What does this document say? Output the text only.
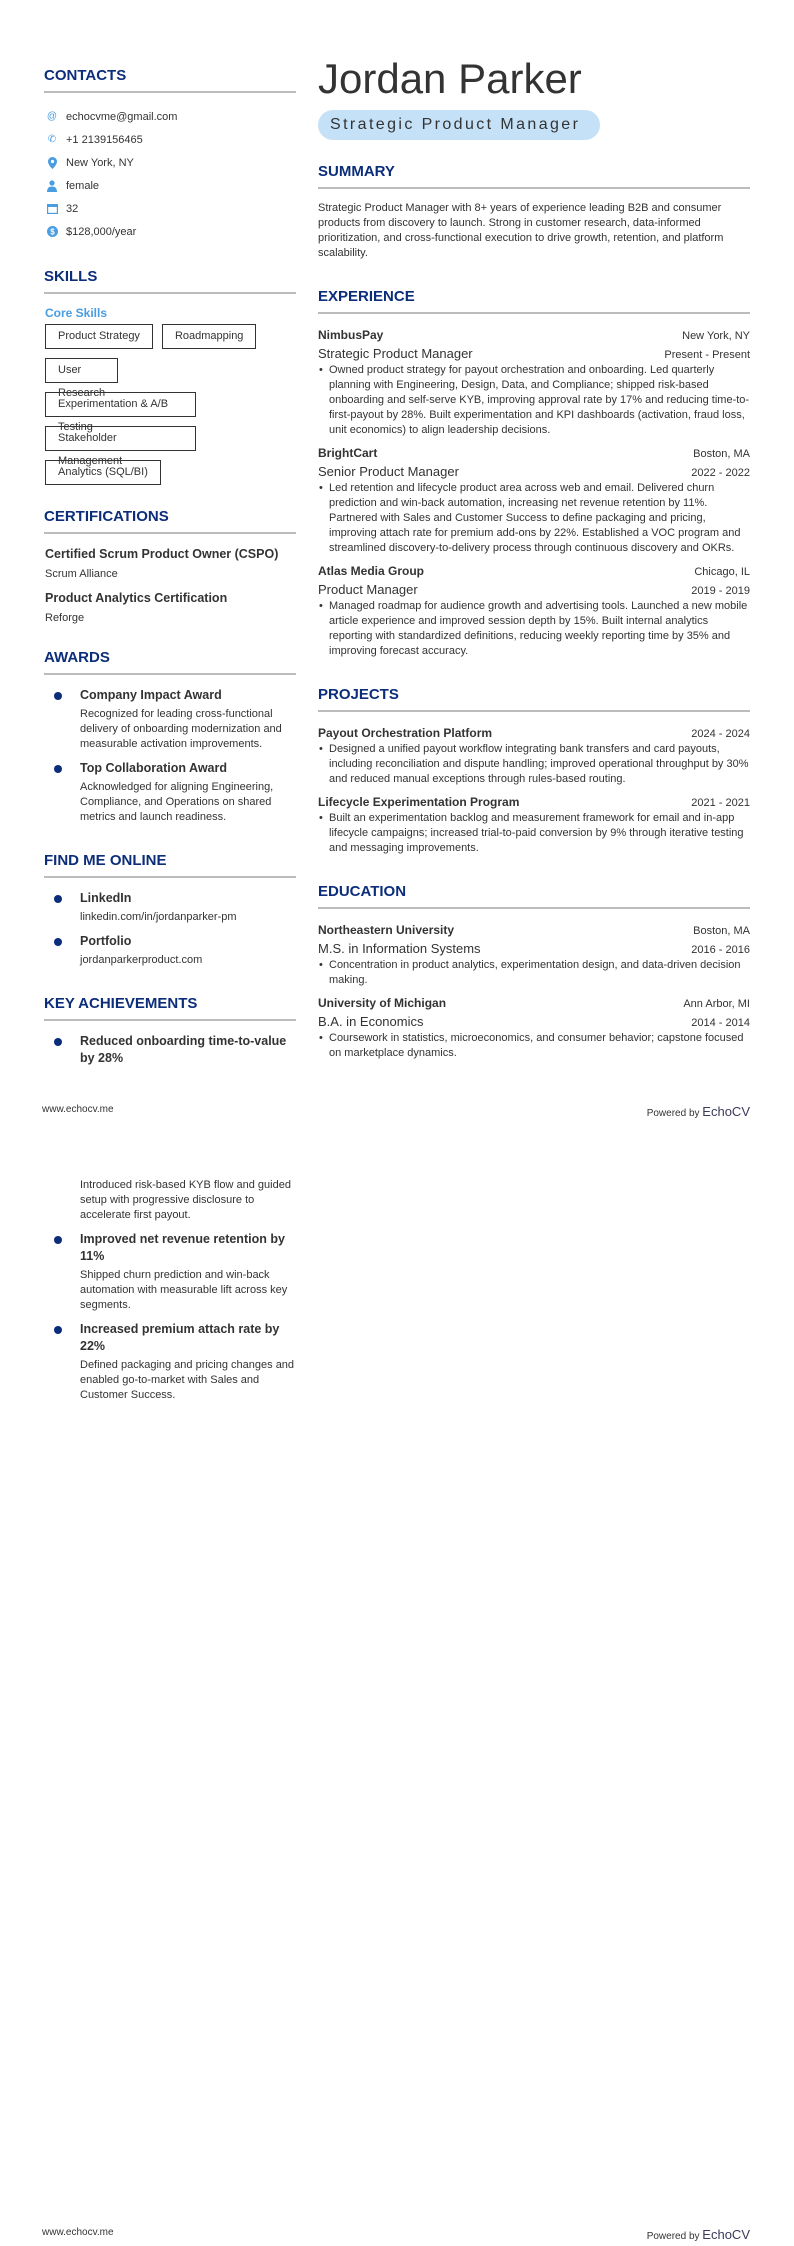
CONTACTS
@ echocvme@gmail.com
✆ +1 2139156465
New York, NY
female
32
$ $128,000/year
SKILLS
Core Skills
Product Strategy	Roadmapping
User Research
Experimentation & A/B Testing
Stakeholder Management
Analytics (SQL/BI)
CERTIFICATIONS
Certified Scrum Product Owner (CSPO)
Scrum Alliance
Product Analytics Certification
Reforge
AWARDS
Company Impact Award
Recognized for leading cross-functional delivery of onboarding modernization and measurable activation improvements.
Top Collaboration Award
Acknowledged for aligning Engineering, Compliance, and Operations on shared metrics and launch readiness.
FIND ME ONLINE
LinkedIn
linkedin.com/in/jordanparker-pm
Portfolio
jordanparkerproduct.com
KEY ACHIEVEMENTS
Reduced onboarding time-to-value by 28%
Jordan Parker
Strategic Product Manager
SUMMARY

Strategic Product Manager with 8+ years of experience leading B2B and consumer products from discovery to launch. Strong in customer research, data-informed prioritization, and cross-functional execution to drive growth, retention, and platform scalability.

EXPERIENCE
NimbusPay	New York, NY
Strategic Product Manager	Present - Present
• Owned product strategy for payout orchestration and onboarding. Led quarterly planning with Engineering, Design, Data, and Compliance; shipped risk-based onboarding and self-serve KYB, improving approval rate by 17% and reducing time-to-first-payout by 28%. Built experimentation and KPI dashboards (activation, fraud loss, unit economics) to align leadership decisions.
BrightCart	Boston, MA
Senior Product Manager	2022 - 2022
• Led retention and lifecycle product area across web and email. Delivered churn prediction and win-back automation, increasing net revenue retention by 11%. Partnered with Sales and Customer Success to define packaging and pricing, improving attach rate for premium add-ons by 22%. Established a VOC program and streamlined discovery-to-delivery process through continuous discovery and OKRs.
Atlas Media Group	Chicago, IL
Product Manager	2019 - 2019
• Managed roadmap for audience growth and advertising tools. Launched a new mobile article experience and improved session depth by 15%. Built internal analytics reporting with standardized definitions, reducing weekly reporting time by 35% and improving forecast accuracy.
PROJECTS
Payout Orchestration Platform	2024 - 2024
• Designed a unified payout workflow integrating bank transfers and card payouts, including reconciliation and dispute handling; improved operational throughput by 30% and reduced manual exceptions through rules-based routing.
Lifecycle Experimentation Program	2021 - 2021
• Built an experimentation backlog and measurement framework for email and in-app lifecycle campaigns; increased trial-to-paid conversion by 9% through iterative testing and messaging improvements.
EDUCATION
Northeastern University	Boston, MA
M.S. in Information Systems	2016 - 2016
• Concentration in product analytics, experimentation design, and data-driven decision making.
University of Michigan	Ann Arbor, MI
B.A. in Economics	2014 - 2014
• Coursework in statistics, microeconomics, and consumer behavior; capstone focused on marketplace dynamics.
www.echocv.me	Powered by EchoCV
Introduced risk-based KYB flow and guided setup with progressive disclosure to accelerate first payout.
Improved net revenue retention by 11%
Shipped churn prediction and win-back automation with measurable lift across key segments.
Increased premium attach rate by 22%
Defined packaging and pricing changes and enabled go-to-market with Sales and Customer Success.
www.echocv.me	Powered by EchoCV
